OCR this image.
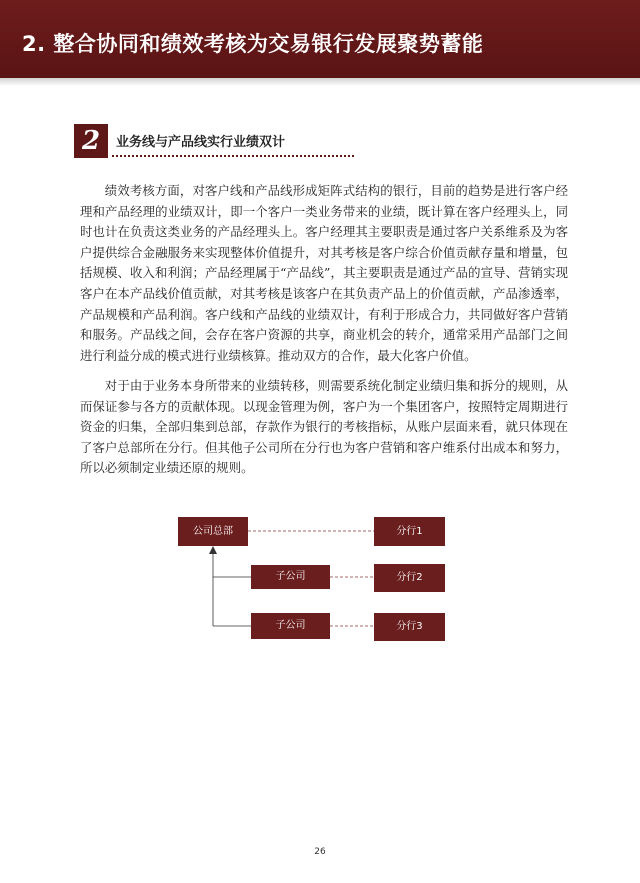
2. 整合协同和绩效考核为交易银行发展聚势蓄能
2	业务线与产品线实行业绩双计

绩效考核方面，对客户线和产品线形成矩阵式结构的银行，目前的趋势是进行客户经理和产品经理的业绩双计，即一个客户一类业务带来的业绩，既计算在客户经理头上，同时也计在负责这类业务的产品经理头上。客户经理其主要职责是通过客户关系维系及为客户提供综合金融服务来实现整体价值提升，对其考核是客户综合价值贡献存量和增量，包括规模、收入和利润；产品经理属于“产品线”，其主要职责是通过产品的宣导、营销实现客户在本产品线价值贡献，对其考核是该客户在其负责产品上的价值贡献，产品渗透率，产品规模和产品利润。客户线和产品线的业绩双计，有利于形成合力，共同做好客户营销和服务。产品线之间，会存在客户资源的共享，商业机会的转介，通常采用产品部门之间进行利益分成的模式进行业绩核算。推动双方的合作，最大化客户价值。

对于由于业务本身所带来的业绩转移，则需要系统化制定业绩归集和拆分的规则，从而保证参与各方的贡献体现。以现金管理为例，客户为一个集团客户，按照特定周期进行资金的归集，全部归集到总部，存款作为银行的考核指标，从账户层面来看，就只体现在了客户总部所在分行。但其他子公司所在分行也为客户营销和客户维系付出成本和努力，所以必须制定业绩还原的规则。

公司总部
子公司
子公司
分行1
分行2
分行3
26
